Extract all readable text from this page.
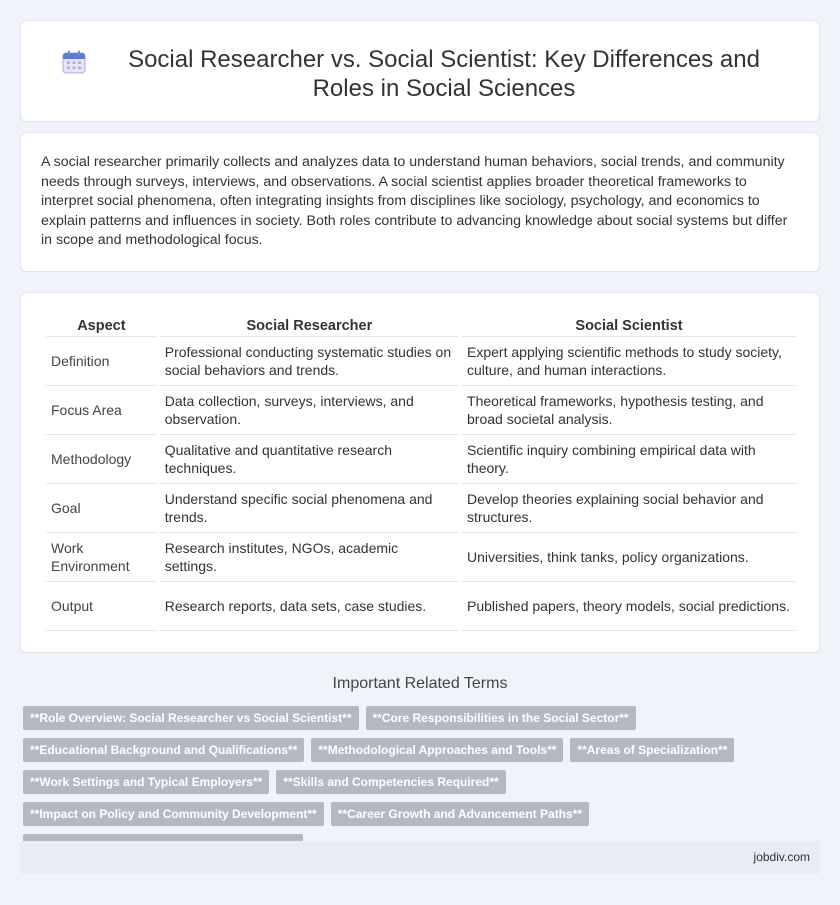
Social Researcher vs. Social Scientist: Key Differences and Roles in Social Sciences

A social researcher primarily collects and analyzes data to understand human behaviors, social trends, and community needs through surveys, interviews, and observations. A social scientist applies broader theoretical frameworks to interpret social phenomena, often integrating insights from disciplines like sociology, psychology, and economics to explain patterns and influences in society. Both roles contribute to advancing knowledge about social systems but differ in scope and methodological focus.

Aspect	Social Researcher	Social Scientist
Definition	Professional conducting systematic studies on social behaviors and trends.	Expert applying scientific methods to study society, culture, and human interactions.
Focus Area	Data collection, surveys, interviews, and observation.	Theoretical frameworks, hypothesis testing, and broad societal analysis.
Methodology	Qualitative and quantitative research techniques.	Scientific inquiry combining empirical data with theory.
Goal	Understand specific social phenomena and trends.	Develop theories explaining social behavior and structures.
Work Environment	Research institutes, NGOs, academic settings.	Universities, think tanks, policy organizations.
Output	Research reports, data sets, case studies.	Published papers, theory models, social predictions.
Important Related Terms
**Role Overview: Social Researcher vs Social Scientist**	**Core Responsibilities in the Social Sector**
**Educational Background and Qualifications**	**Methodological Approaches and Tools**	**Areas of Specialization**
**Work Settings and Typical Employers**	**Skills and Competencies Required**
**Impact on Policy and Community Development**	**Career Growth and Advancement Paths**
jobdiv.com
